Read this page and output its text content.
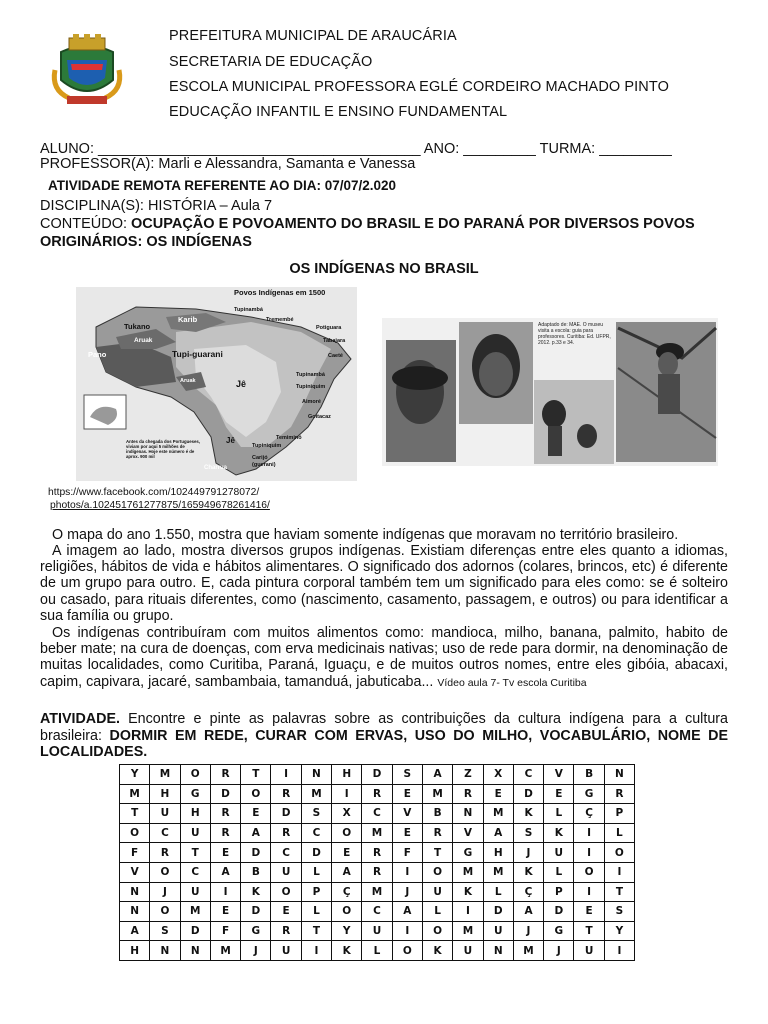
PREFEITURA MUNICIPAL DE ARAUCÁRIA
SECRETARIA DE EDUCAÇÃO
ESCOLA MUNICIPAL PROFESSORA EGLÉ CORDEIRO MACHADO PINTO
EDUCAÇÃO INFANTIL E ENSINO FUNDAMENTAL
ALUNO: ________________________________________ ANO: _________ TURMA: _________
PROFESSOR(A): Marli e Alessandra, Samanta e Vanessa
ATIVIDADE REMOTA REFERENTE AO DIA: 07/07/2.020
DISCIPLINA(S): HISTÓRIA – Aula 7
CONTEÚDO: OCUPAÇÃO E POVOAMENTO DO BRASIL E DO PARANÁ POR DIVERSOS POVOS ORIGINÁRIOS: OS INDÍGENAS
OS INDÍGENAS NO BRASIL
Povos Indígenas em 1500
Karib
Tupinambá
Tremembé
Tukano	Potiguara
Aruak	Tabajara
Pano	Tupi-guarani	Caeté
Aruak	Jê
Tupinambá
Tupiniquim
Aimoré
Goitacaz
Jê	Temiminó
Tupiniquim
Carijó
(guerani)
Charrua
Antes da chegada dos Portugueses, viviam por aqui 5 milhões de indígenas. Hoje este número é de aprox. 900 mil
Adaptado de: MAE. O museu visita a escola: guia para professores. Curitiba: Ed. UFPR, 2012. p.33 e 34.
https://www.facebook.com/102449791278072/
photos/a.102451761277875/165949678261416/
O mapa do ano 1.550, mostra que haviam somente indígenas que moravam no território brasileiro.
A imagem ao lado, mostra diversos grupos indígenas. Existiam diferenças entre eles quanto a idiomas, religiões, hábitos de vida e hábitos alimentares. O significado dos adornos (colares, brincos, etc) é diferente de um grupo para outro. E, cada pintura corporal também tem um significado para eles como: se é solteiro ou casado, para rituais diferentes, como (nascimento, casamento, passagem, e outros) ou para identificar a sua família ou grupo.
Os indígenas contribuíram com muitos alimentos como: mandioca, milho, banana, palmito, habito de beber mate; na cura de doenças, com erva medicinais nativas; uso de rede para dormir, na denominação de muitas localidades, como Curitiba, Paraná, Iguaçu, e de muitos outros nomes, entre eles gibóia, abacaxi, capim, capivara, jacaré, sambambaia, tamanduá, jabuticaba... Vídeo aula 7- Tv escola Curitiba
ATIVIDADE. Encontre e pinte as palavras sobre as contribuições da cultura indígena para a cultura brasileira: DORMIR EM REDE, CURAR COM ERVAS, USO DO MILHO, VOCABULÁRIO, NOME DE LOCALIDADES.
Y	M	O	R	T	I	N	H	D	S	A	Z	X	C	V	B	N
M	H	G	D	O	R	M	I	R	E	M	R	E	D	E	G	R
T	U	H	R	E	D	S	X	C	V	B	N	M	K	L	Ç	P
O	C	U	R	A	R	C	O	M	E	R	V	A	S	K	I	L
F	R	T	E	D	C	D	E	R	F	T	G	H	J	U	I	O
V	O	C	A	B	U	L	A	R	I	O	M	M	K	L	O	I
N	J	U	I	K	O	P	Ç	M	J	U	K	L	Ç	P	I	T
N	O	M	E	D	E	L	O	C	A	L	I	D	A	D	E	S
A	S	D	F	G	R	T	Y	U	I	O	M	U	J	G	T	Y
H	N	N	M	J	U	I	K	L	O	K	U	N	M	J	U	I
